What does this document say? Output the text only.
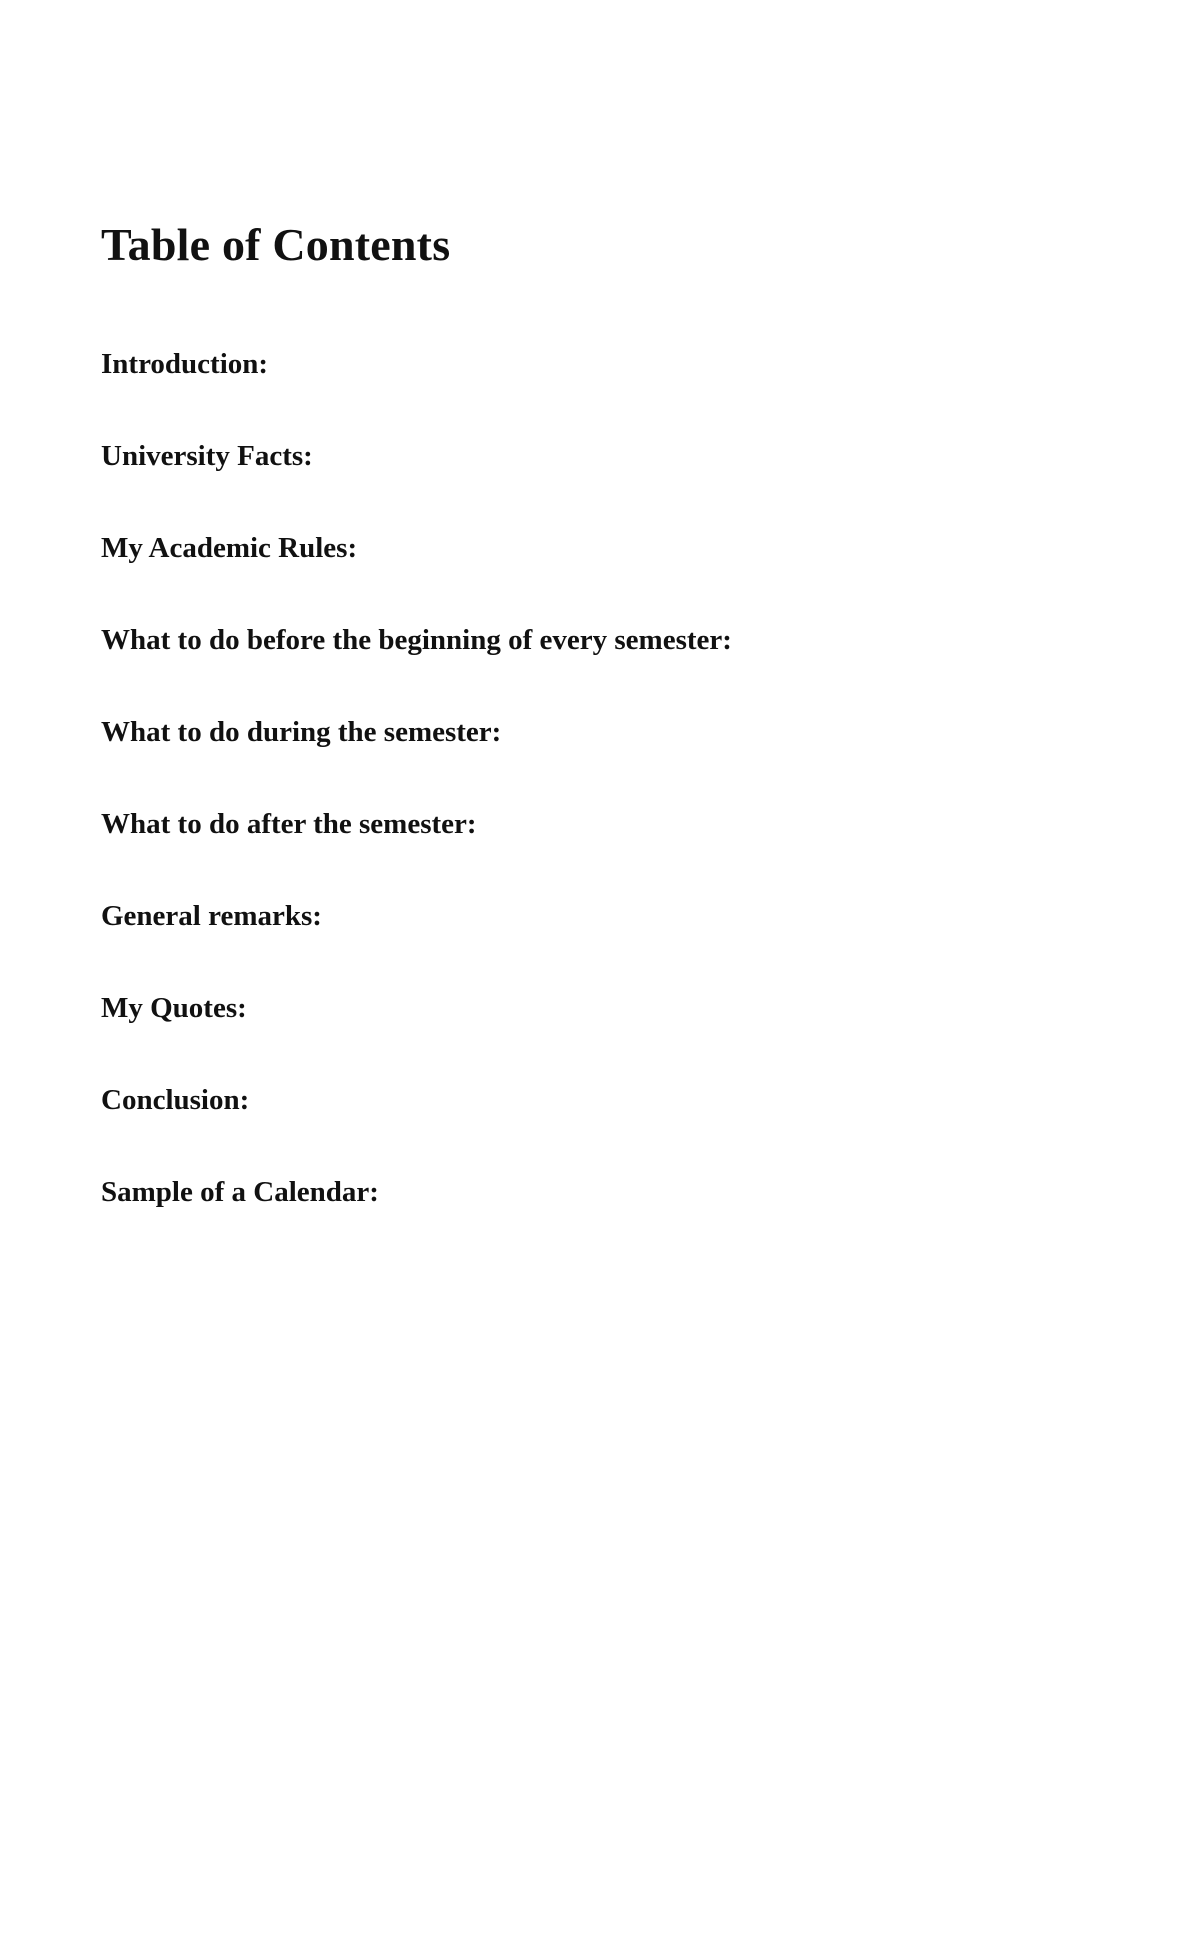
Table of Contents
Introduction:
University Facts:
My Academic Rules:
What to do before the beginning of every semester:
What to do during the semester:
What to do after the semester:
General remarks:
My Quotes:
Conclusion:
Sample of a Calendar:
